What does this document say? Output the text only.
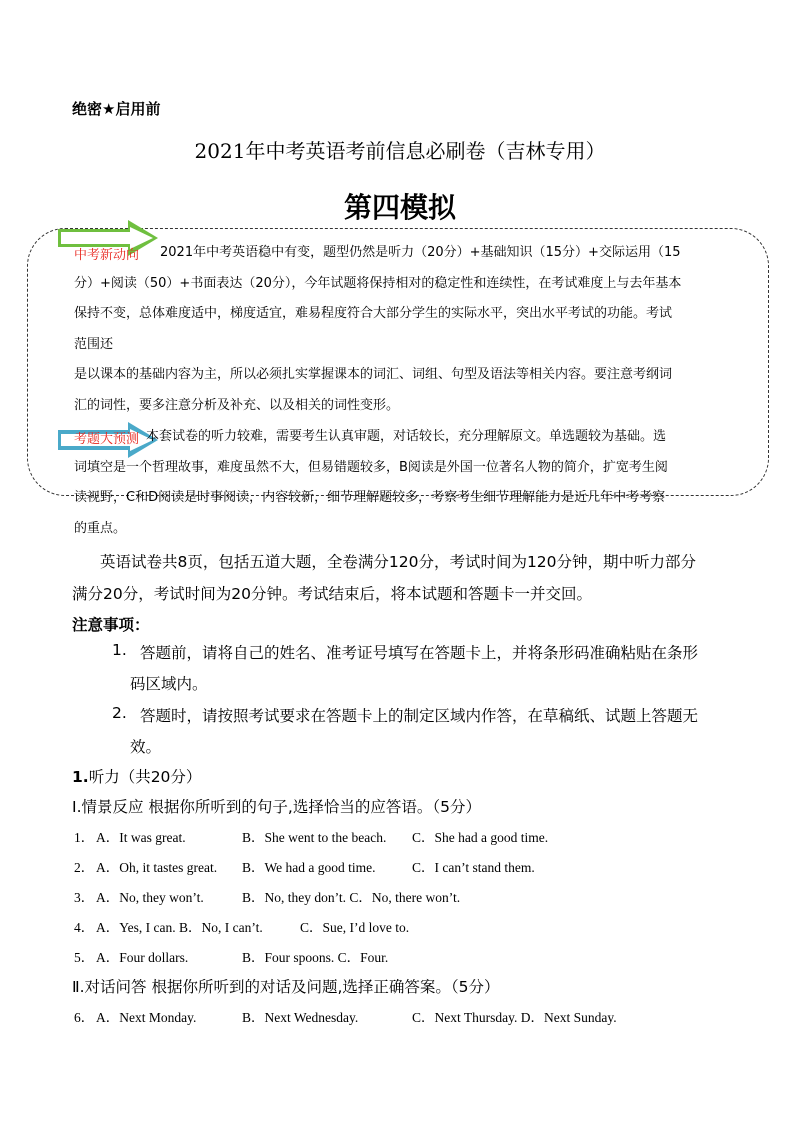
绝密★启用前
2021年中考英语考前信息必刷卷（吉林专用）
第四模拟
中考新动向
考题大预测
2021年中考英语稳中有变，题型仍然是听力（20分）+基础知识（15分）+交际运用（15
分）+阅读（50）+书面表达（20分），今年试题将保持相对的稳定性和连续性，在考试难度上与去年基本
保持不变，总体难度适中，梯度适宜，难易程度符合大部分学生的实际水平，突出水平考试的功能。考试
范围还
是以课本的基础内容为主，所以必须扎实掌握课本的词汇、词组、句型及语法等相关内容。要注意考纲词
汇的词性，要多注意分析及补充、以及相关的词性变形。
本套试卷的听力较难，需要考生认真审题，对话较长，充分理解原文。单选题较为基础。选
词填空是一个哲理故事，难度虽然不大，但易错题较多，B阅读是外国一位著名人物的简介，扩宽考生阅
读视野，C和D阅读是时事阅读，内容较新，细节理解题较多，考察考生细节理解能力是近几年中考考察
的重点。
英语试卷共8页，包括五道大题，全卷满分120分，考试时间为120分钟，期中听力部分
满分20分，考试时间为20分钟。考试结束后，将本试题和答题卡一并交回。
注意事项：
1. 答题前，请将自己的姓名、准考证号填写在答题卡上，并将条形码准确粘贴在条形
码区域内。
2. 答题时，请按照考试要求在答题卡上的制定区域内作答，在草稿纸、试题上答题无
效。
1.听力（共20分）
Ⅰ.情景反应 根据你所听到的句子,选择恰当的应答语。（5分）
1． A．It was great.	B．She went to the beach. C．She had a good time.
2． A．Oh, it tastes great. B．We had a good time.	C．I can’t stand them.
3． A．No, they won’t.	B．No, they don’t. C．No, there won’t.
4． A．Yes, I can. B．No, I can’t.	C．Sue, I’d love to.
5． A．Four dollars.	B．Four spoons. C．Four.
Ⅱ.对话问答 根据你所听到的对话及问题,选择正确答案。（5分）
6． A．Next Monday.	B．Next Wednesday.	C．Next Thursday. D．Next Sunday.
